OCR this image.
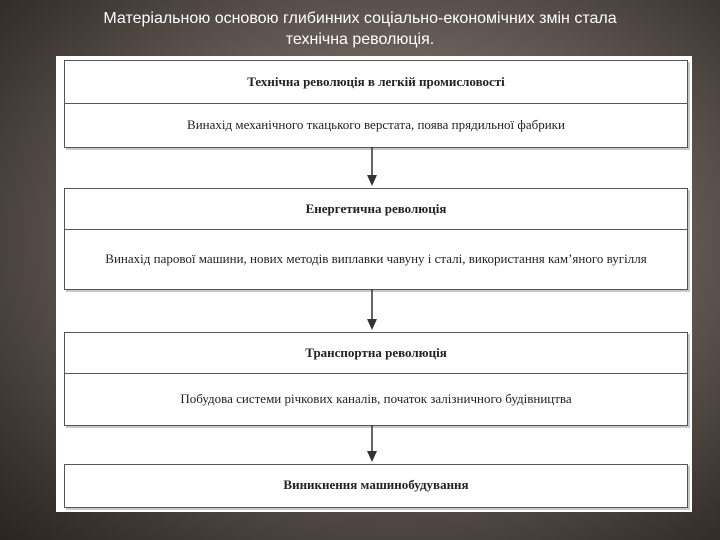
Матеріальною основою глибинних соціально-економічних змін стала
технічна революція.
Технічна революція в легкій промисловості
Винахід механічного ткацького верстата, поява прядильної фабрики
Енергетична революція
Винахід парової машини, нових методів виплавки чавуну і сталі, використання кам’яного вугілля
Транспортна революція
Побудова системи річкових каналів, початок залізничного будівництва
Виникнення машинобудування
